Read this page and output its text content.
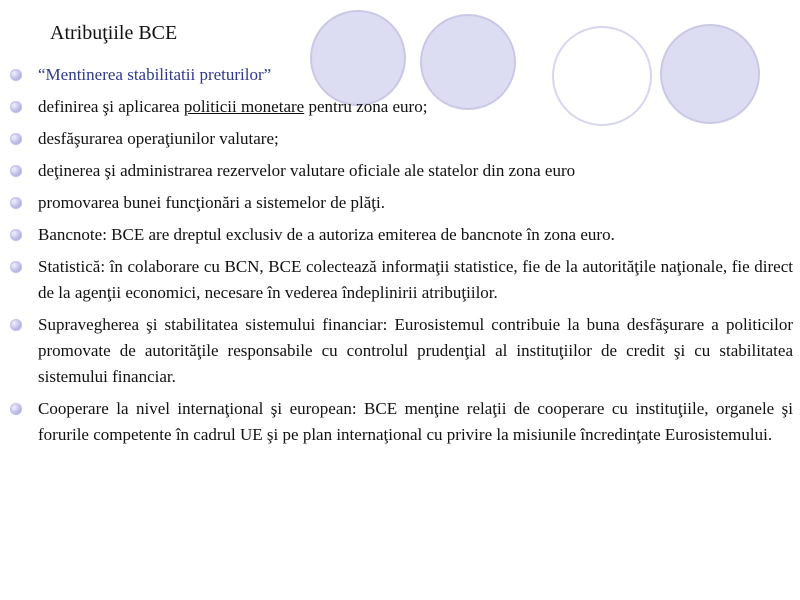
Atribuţiile BCE
“Mentinerea stabilitatii preturilor”
definirea şi aplicarea politicii monetare pentru zona euro;
desfăşurarea operaţiunilor valutare;
deţinerea şi administrarea rezervelor valutare oficiale ale statelor din zona euro
promovarea bunei funcţionări a sistemelor de plăţi.
Bancnote: BCE are dreptul exclusiv de a autoriza emiterea de bancnote în zona euro.
Statistică: în colaborare cu BCN, BCE colectează informaţii statistice, fie de la autorităţile naţionale, fie direct de la agenţii economici, necesare în vederea îndeplinirii atribuţiilor.
Supravegherea şi stabilitatea sistemului financiar: Eurosistemul contribuie la buna desfăşurare a politicilor promovate de autorităţile responsabile cu controlul prudenţial al instituţiilor de credit şi cu stabilitatea sistemului financiar.
Cooperare la nivel internaţional şi european: BCE menţine relaţii de cooperare cu instituţiile, organele şi forurile competente în cadrul UE şi pe plan internaţional cu privire la misiunile încredinţate Eurosistemului.
